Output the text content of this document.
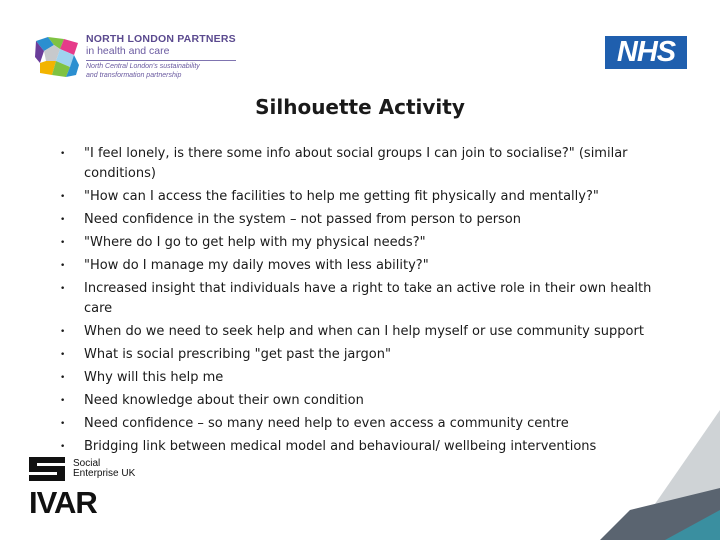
NORTH LONDON PARTNERS
in health and care
North Central London's sustainability
and transformation partnership
NHS
Silhouette Activity
• "I feel lonely, is there some info about social groups I can join to socialise?" (similar conditions)
• "How can I access the facilities to help me getting fit physically and mentally?"
• Need confidence in the system – not passed from person to person
• "Where do I go to get help with my physical needs?"
• "How do I manage my daily moves with less ability?"
• Increased insight that individuals have a right to take an active role in their own health care
• When do we need to seek help and when can I help myself or use community support
• What is social prescribing "get past the jargon"
• Why will this help me
• Need knowledge about their own condition
• Need confidence – so many need help to even access a community centre
• Bridging link between medical model and behavioural/ wellbeing interventions
Social
Enterprise UK
IVAR
